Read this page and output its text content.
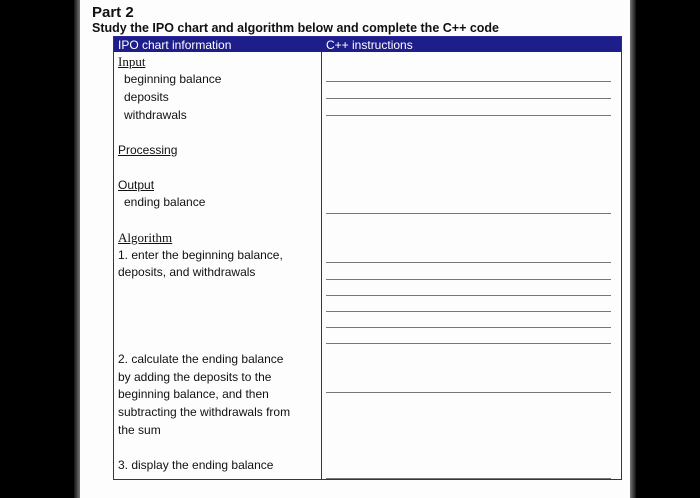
Part 2
Study the IPO chart and algorithm below and complete the C++ code
IPO chart information	C++ instructions
Input
beginning balance
deposits
withdrawals
Processing
Output
ending balance
Algorithm
1. enter the beginning balance,
deposits, and withdrawals
2. calculate the ending balance
by adding the deposits to the
beginning balance, and then
subtracting the withdrawals from
the sum
3. display the ending balance
